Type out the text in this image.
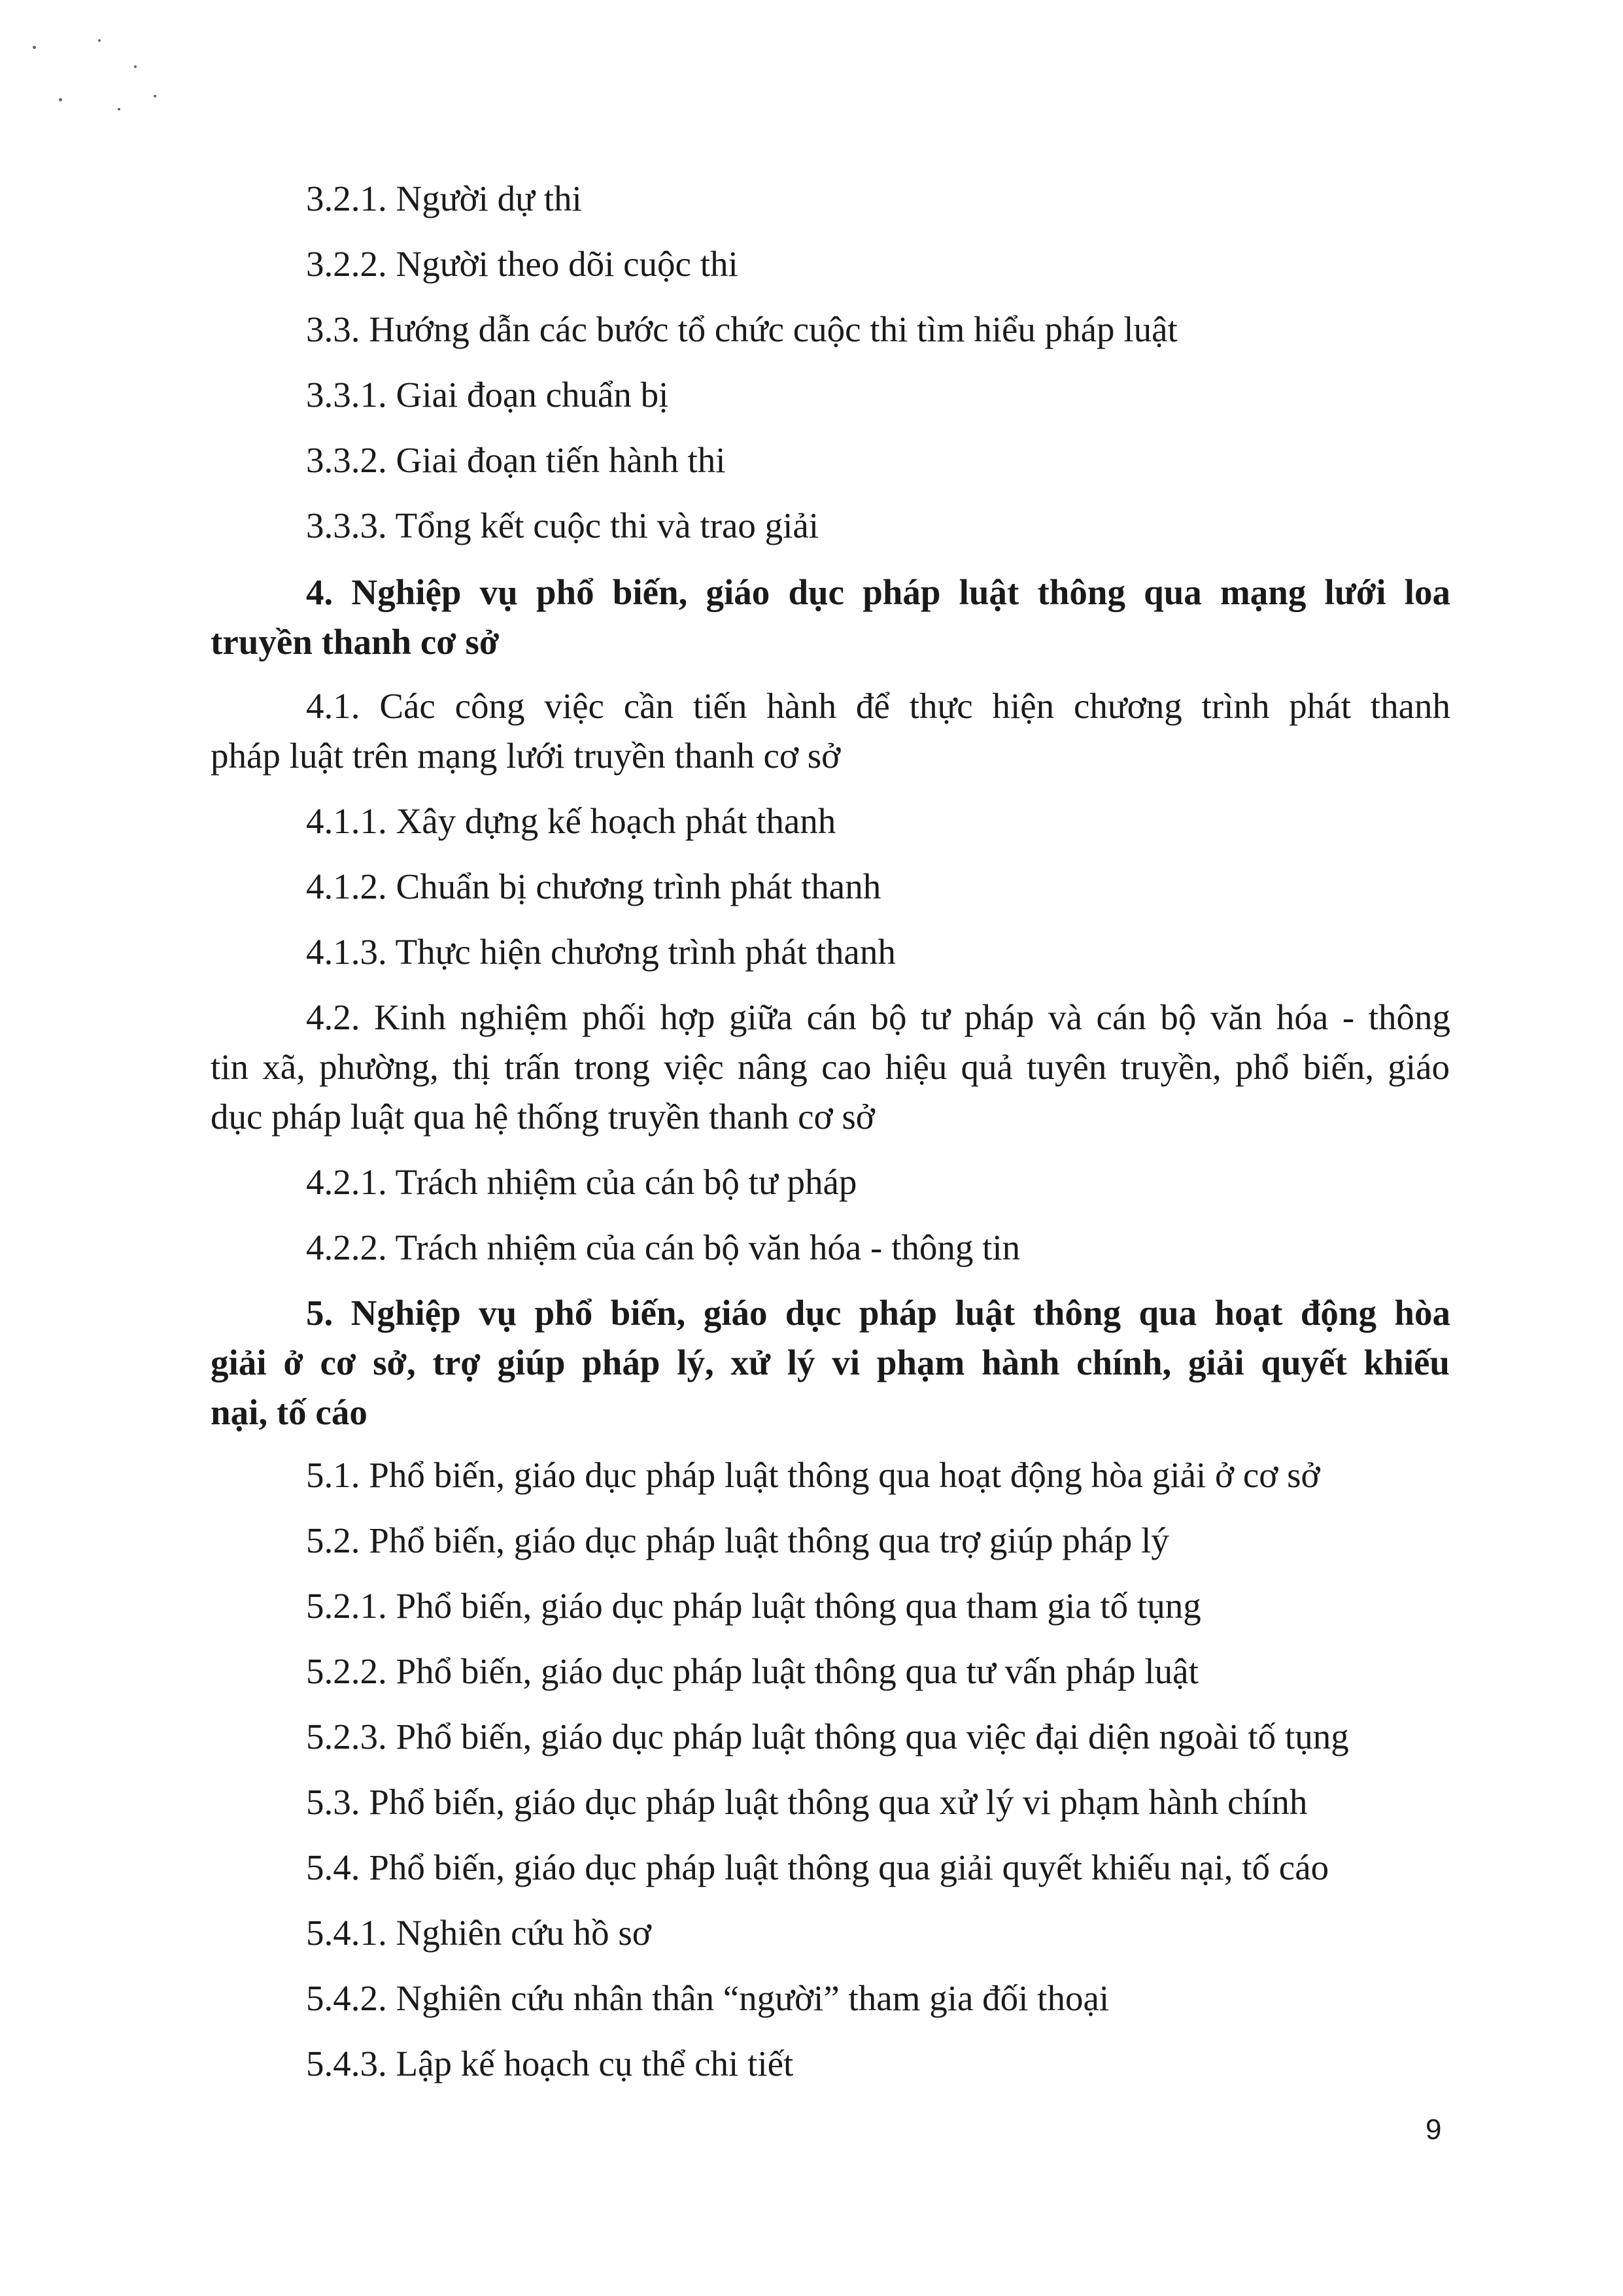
3.2.1. Người dự thi
3.2.2. Người theo dõi cuộc thi
3.3. Hướng dẫn các bước tổ chức cuộc thi tìm hiểu pháp luật
3.3.1. Giai đoạn chuẩn bị
3.3.2. Giai đoạn tiến hành thi
3.3.3. Tổng kết cuộc thi và trao giải
4. Nghiệp vụ phổ biến, giáo dục pháp luật thông qua mạng lưới loa
truyền thanh cơ sở
4.1. Các công việc cần tiến hành để thực hiện chương trình phát thanh
pháp luật trên mạng lưới truyền thanh cơ sở
4.1.1. Xây dựng kế hoạch phát thanh
4.1.2. Chuẩn bị chương trình phát thanh
4.1.3. Thực hiện chương trình phát thanh
4.2. Kinh nghiệm phối hợp giữa cán bộ tư pháp và cán bộ văn hóa - thông
tin xã, phường, thị trấn trong việc nâng cao hiệu quả tuyên truyền, phổ biến, giáo
dục pháp luật qua hệ thống truyền thanh cơ sở
4.2.1. Trách nhiệm của cán bộ tư pháp
4.2.2. Trách nhiệm của cán bộ văn hóa - thông tin
5. Nghiệp vụ phổ biến, giáo dục pháp luật thông qua hoạt động hòa
giải ở cơ sở, trợ giúp pháp lý, xử lý vi phạm hành chính, giải quyết khiếu
nại, tố cáo
5.1. Phổ biến, giáo dục pháp luật thông qua hoạt động hòa giải ở cơ sở
5.2. Phổ biến, giáo dục pháp luật thông qua trợ giúp pháp lý
5.2.1. Phổ biến, giáo dục pháp luật thông qua tham gia tố tụng
5.2.2. Phổ biến, giáo dục pháp luật thông qua tư vấn pháp luật
5.2.3. Phổ biến, giáo dục pháp luật thông qua việc đại diện ngoài tố tụng
5.3. Phổ biến, giáo dục pháp luật thông qua xử lý vi phạm hành chính
5.4. Phổ biến, giáo dục pháp luật thông qua giải quyết khiếu nại, tố cáo
5.4.1. Nghiên cứu hồ sơ
5.4.2. Nghiên cứu nhân thân “người” tham gia đối thoại
5.4.3. Lập kế hoạch cụ thể chi tiết
9
